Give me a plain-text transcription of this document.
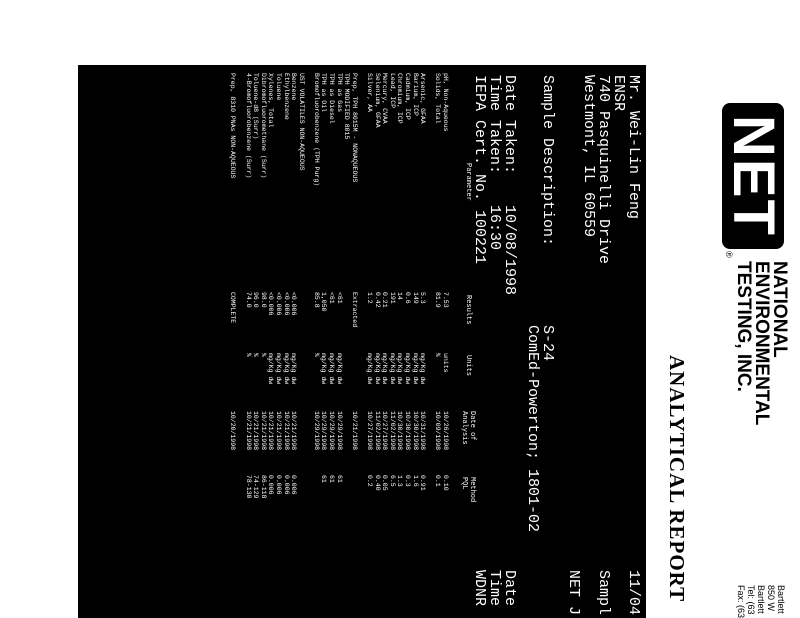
NET
®
NATIONAL
ENVIRONMENTAL
TESTING, INC.
ANALYTICAL REPORT	Bartlett
850 W
Bartlett
Tel: (63
Fax: (63
Mr. Wei-Lin Feng
ENSR
740 Pasquinelli Drive
Westmont, IL 60559
11/04
Sampl
NET J
Sample Description:
S-24
ComEd-Powerton; 1801-02
Date Taken:
10/08/1998
Time Taken:
16:30
IEPA Cert. No. 100221
Date
Time
WDNR
Parameter
Results
Units
Date of
Analysis
Method
PQL
pH, Non-Aqueous
7.53
units
10/26/1998
0.10
Solids, Total
81.9
%
10/09/1998
0.1
Arsenic, GFAA
5.3
mg/Kg dw
10/31/1998
0.91
Barium, ICP
149
mg/Kg dw
10/30/1998
1.6
Cadmium, ICP
0.6
mg/Kg dw
10/30/1998
0.3
Chromium, ICP
14
mg/Kg dw
10/30/1998
1.3
Lead, ICP
191
mg/Kg dw
11/02/1998
6.5
Mercury, CVAA
0.21
mg/Kg dw
10/27/1998
0.05
Selenium, GFAA
0.42
mg/Kg dw
11/02/1998
0.40
Silver, AA
1.2
mg/Kg dw
10/27/1998
0.2
Prep, TPH 8015M - NONAQUEOUS
Extracted
10/21/1998
TPH MODIFIED 8015
TPH as Gas
<61
mg/Kg dw
10/29/1998
61
TPH as Diesel
<61
mg/Kg dw
10/29/1998
61
TPH as Oil
1,050
mg/Kg dw
10/29/1998
61
Bromofluorobenzene (TPH Purg)
85.8
%
10/29/1998
UST VOLATILES NON-AQUEOUS
Benzene
<0.006
mg/Kg dw
10/21/1998
0.006
Ethylbenzene
<0.006
mg/Kg dw
10/21/1998
0.006
Toluene
<0.006
mg/Kg dw
10/21/1998
0.006
Xylenes, Total
<0.006
mg/Kg dw
10/21/1998
0.006
Dibromofluoromethane (Surr)
98.0
%
10/21/1998
86-118
Toluene-d8 (Surr)
96.0
%
10/21/1998
74-129
4-Bromofluorobenzene (Surr)
74.0
%
10/21/1998
78-130
Prep, 8310 PNAs NON-AQUEOUS
COMPLETE
10/20/1998
